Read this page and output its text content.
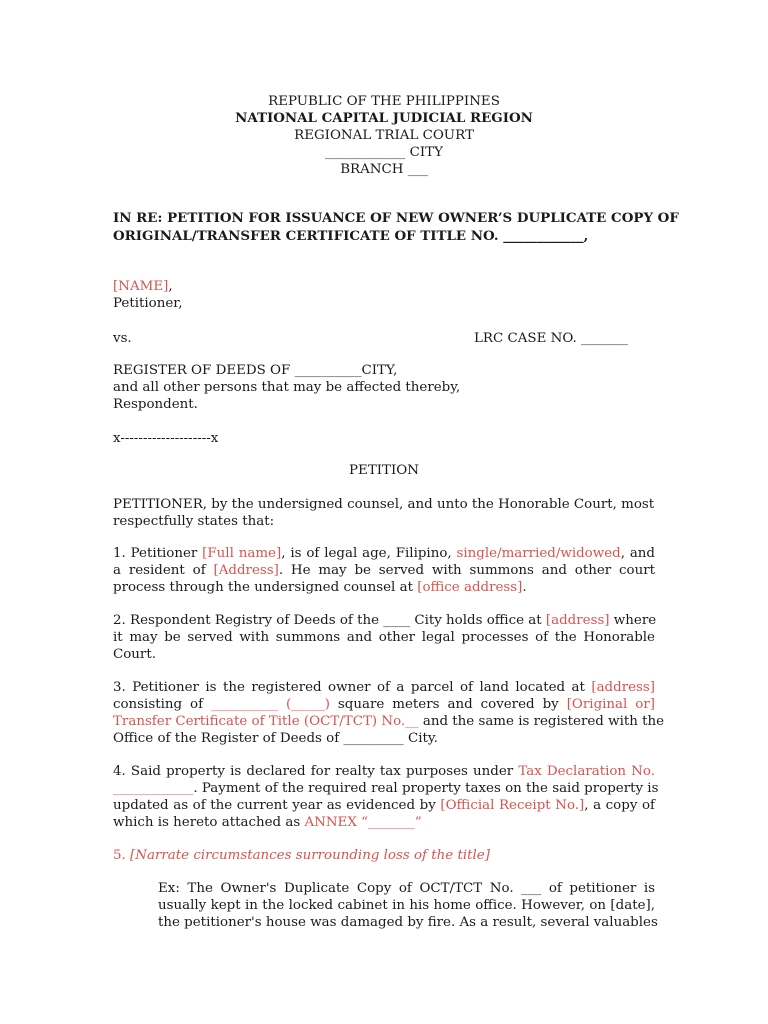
REPUBLIC OF THE PHILIPPINES
NATIONAL CAPITAL JUDICIAL REGION
REGIONAL TRIAL COURT
____________ CITY
BRANCH ___
IN RE: PETITION FOR ISSUANCE OF NEW OWNER’S DUPLICATE COPY OF
ORIGINAL/TRANSFER CERTIFICATE OF TITLE NO. ____________,
[NAME],
Petitioner,
vs.	LRC CASE NO. _______
REGISTER OF DEEDS OF __________CITY,
and all other persons that may be affected thereby,
Respondent.
x--------------------x
PETITION
PETITIONER, by the undersigned counsel, and unto the Honorable Court, most
respectfully states that:
1. Petitioner [Full name], is of legal age, Filipino, single/married/widowed, and
a resident of [Address]. He may be served with summons and other court
process through the undersigned counsel at [office address].
2. Respondent Registry of Deeds of the ____ City holds office at [address] where
it may be served with summons and other legal processes of the Honorable
Court.
3. Petitioner is the registered owner of a parcel of land located at [address]
consisting of __________ (_____) square meters and covered by [Original or]
Transfer Certificate of Title (OCT/TCT) No.__ and the same is registered with the
Office of the Register of Deeds of _________ City.
4. Said property is declared for realty tax purposes under Tax Declaration No.
____________. Payment of the required real property taxes on the said property is
updated as of the current year as evidenced by [Official Receipt No.], a copy of
which is hereto attached as ANNEX “_______”
5. [Narrate circumstances surrounding loss of the title]
Ex: The Owner's Duplicate Copy of OCT/TCT No. ___ of petitioner is
usually kept in the locked cabinet in his home office. However, on [date],
the petitioner's house was damaged by fire. As a result, several valuables
